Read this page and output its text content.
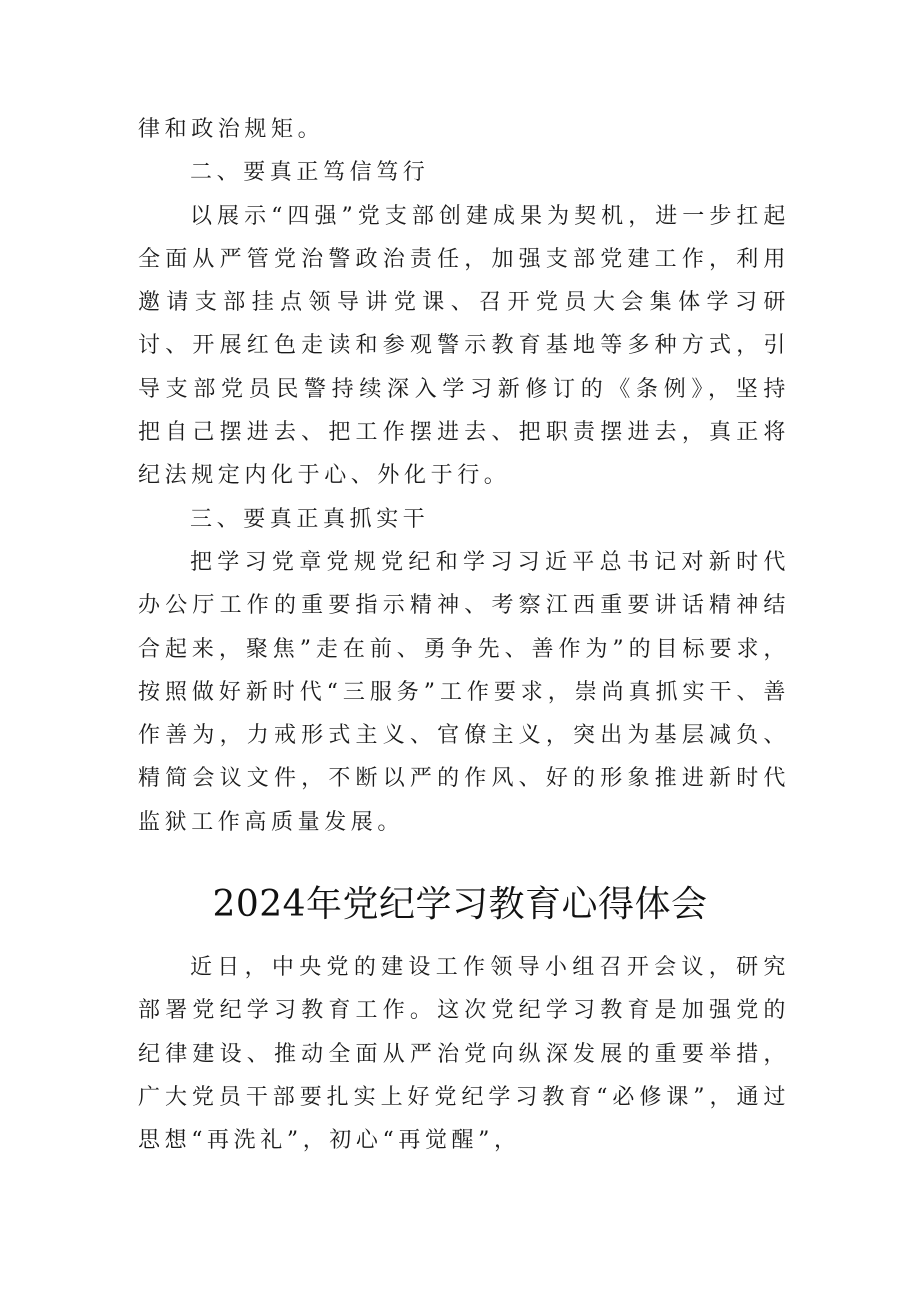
律和政治规矩。

二、要真正笃信笃行

以展示“四强”党支部创建成果为契机，进一步扛起全面从严管党治警政治责任，加强支部党建工作，利用邀请支部挂点领导讲党课、召开党员大会集体学习研讨、开展红色走读和参观警示教育基地等多种方式，引导支部党员民警持续深入学习新修订的《条例》，坚持把自己摆进去、把工作摆进去、把职责摆进去，真正将纪法规定内化于心、外化于行。

三、要真正真抓实干

把学习党章党规党纪和学习习近平总书记对新时代办公厅工作的重要指示精神、考察江西重要讲话精神结合起来，聚焦”走在前、勇争先、善作为”的目标要求，按照做好新时代“三服务”工作要求，崇尚真抓实干、善作善为，力戒形式主义、官僚主义，突出为基层减负、精简会议文件，不断以严的作风、好的形象推进新时代监狱工作高质量发展。

2024年党纪学习教育心得体会

近日，中央党的建设工作领导小组召开会议，研究部署党纪学习教育工作。这次党纪学习教育是加强党的纪律建设、推动全面从严治党向纵深发展的重要举措，广大党员干部要扎实上好党纪学习教育“必修课”，通过思想“再洗礼”，初心“再觉醒”，
